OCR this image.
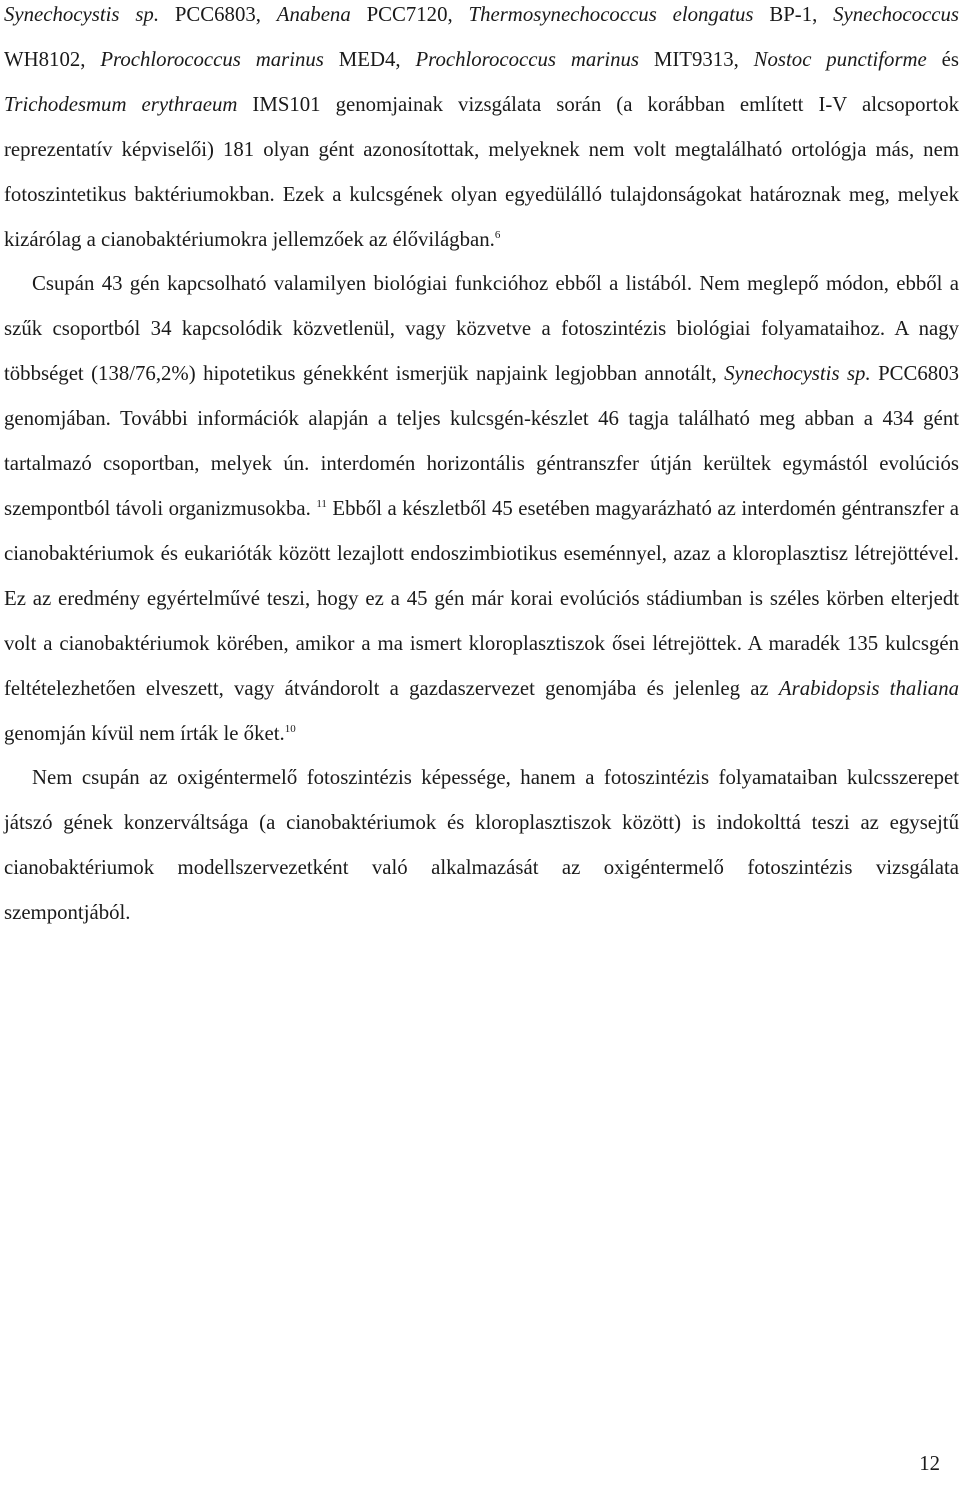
Synechocystis sp. PCC6803, Anabena PCC7120, Thermosynechococcus elongatus BP-1, Synechococcus WH8102, Prochlorococcus marinus MED4, Prochlorococcus marinus MIT9313, Nostoc punctiforme és Trichodesmum erythraeum IMS101 genomjainak vizsgálata során (a korábban említett I-V alcsoportok reprezentatív képviselői) 181 olyan gént azonosítottak, melyeknek nem volt megtalálható ortológja más, nem fotoszintetikus baktériumokban. Ezek a kulcsgének olyan egyedülálló tulajdonságokat határoznak meg, melyek kizárólag a cianobaktériumokra jellemzőek az élővilágban.$^6$

Csupán 43 gén kapcsolható valamilyen biológiai funkcióhoz ebből a listából. Nem meglepő módon, ebből a szűk csoportból 34 kapcsolódik közvetlenül, vagy közvetve a fotoszintézis biológiai folyamataihoz. A nagy többséget (138/76,2%) hipotetikus génekként ismerjük napjaink legjobban annotált, Synechocystis sp. PCC6803 genomjában. További információk alapján a teljes kulcsgén-készlet 46 tagja található meg abban a 434 gént tartalmazó csoportban, melyek ún. interdomén horizontális géntranszfer útján kerültek egymástól evolúciós szempontból távoli organizmusokba. $^{11}$ Ebből a készletből 45 esetében magyarázható az interdomén géntranszfer a cianobaktériumok és eukarióták között lezajlott endoszimbiotikus eseménnyel, azaz a kloroplasztisz létrejöttével. Ez az eredmény egyértelművé teszi, hogy ez a 45 gén már korai evolúciós stádiumban is széles körben elterjedt volt a cianobaktériumok körében, amikor a ma ismert kloroplasztiszok ősei létrejöttek. A maradék 135 kulcsgén feltételezhetően elveszett, vagy átvándorolt a gazdaszervezet genomjába és jelenleg az Arabidopsis thaliana genomján kívül nem írták le őket.$^{10}$

Nem csupán az oxigéntermelő fotoszintézis képessége, hanem a fotoszintézis folyamataiban kulcsszerepet játszó gének konzerváltsága (a cianobaktériumok és kloroplasztiszok között) is indokolttá teszi az egysejtű cianobaktériumok modellszervezetként való alkalmazását az oxigéntermelő fotoszintézis vizsgálata szempontjából.

12
